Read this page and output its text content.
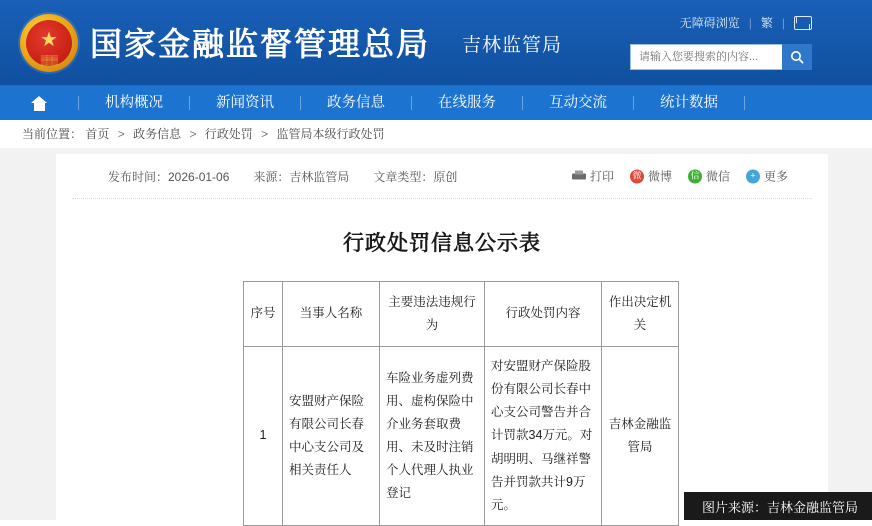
★
▒▒▒	国家金融监督管理总局 吉林监管局
无障碍浏览 | 繁 |
请输入您要搜索的内容...
机构概况	新闻资讯	政务信息	在线服务	互动交流	统计数据
当前位置： 首页 > 政务信息 > 行政处罚 > 监管局本级行政处罚
发布时间：2026-01-06 来源：吉林监管局 文章类型：原创	打印 微 微博 信 微信	+ 更多
行政处罚信息公示表
序号	当事人名称	主要违法违规行为	行政处罚内容	作出决定机关
1	安盟财产保险有限公司长春中心支公司及相关责任人	车险业务虚列费用、虚构保险中介业务套取费用、未及时注销个人代理人执业登记	对安盟财产保险股份有限公司长春中心支公司警告并合计罚款34万元。对胡明明、马继祥警告并罚款共计9万元。	吉林金融监管局
图片来源：吉林金融监管局
